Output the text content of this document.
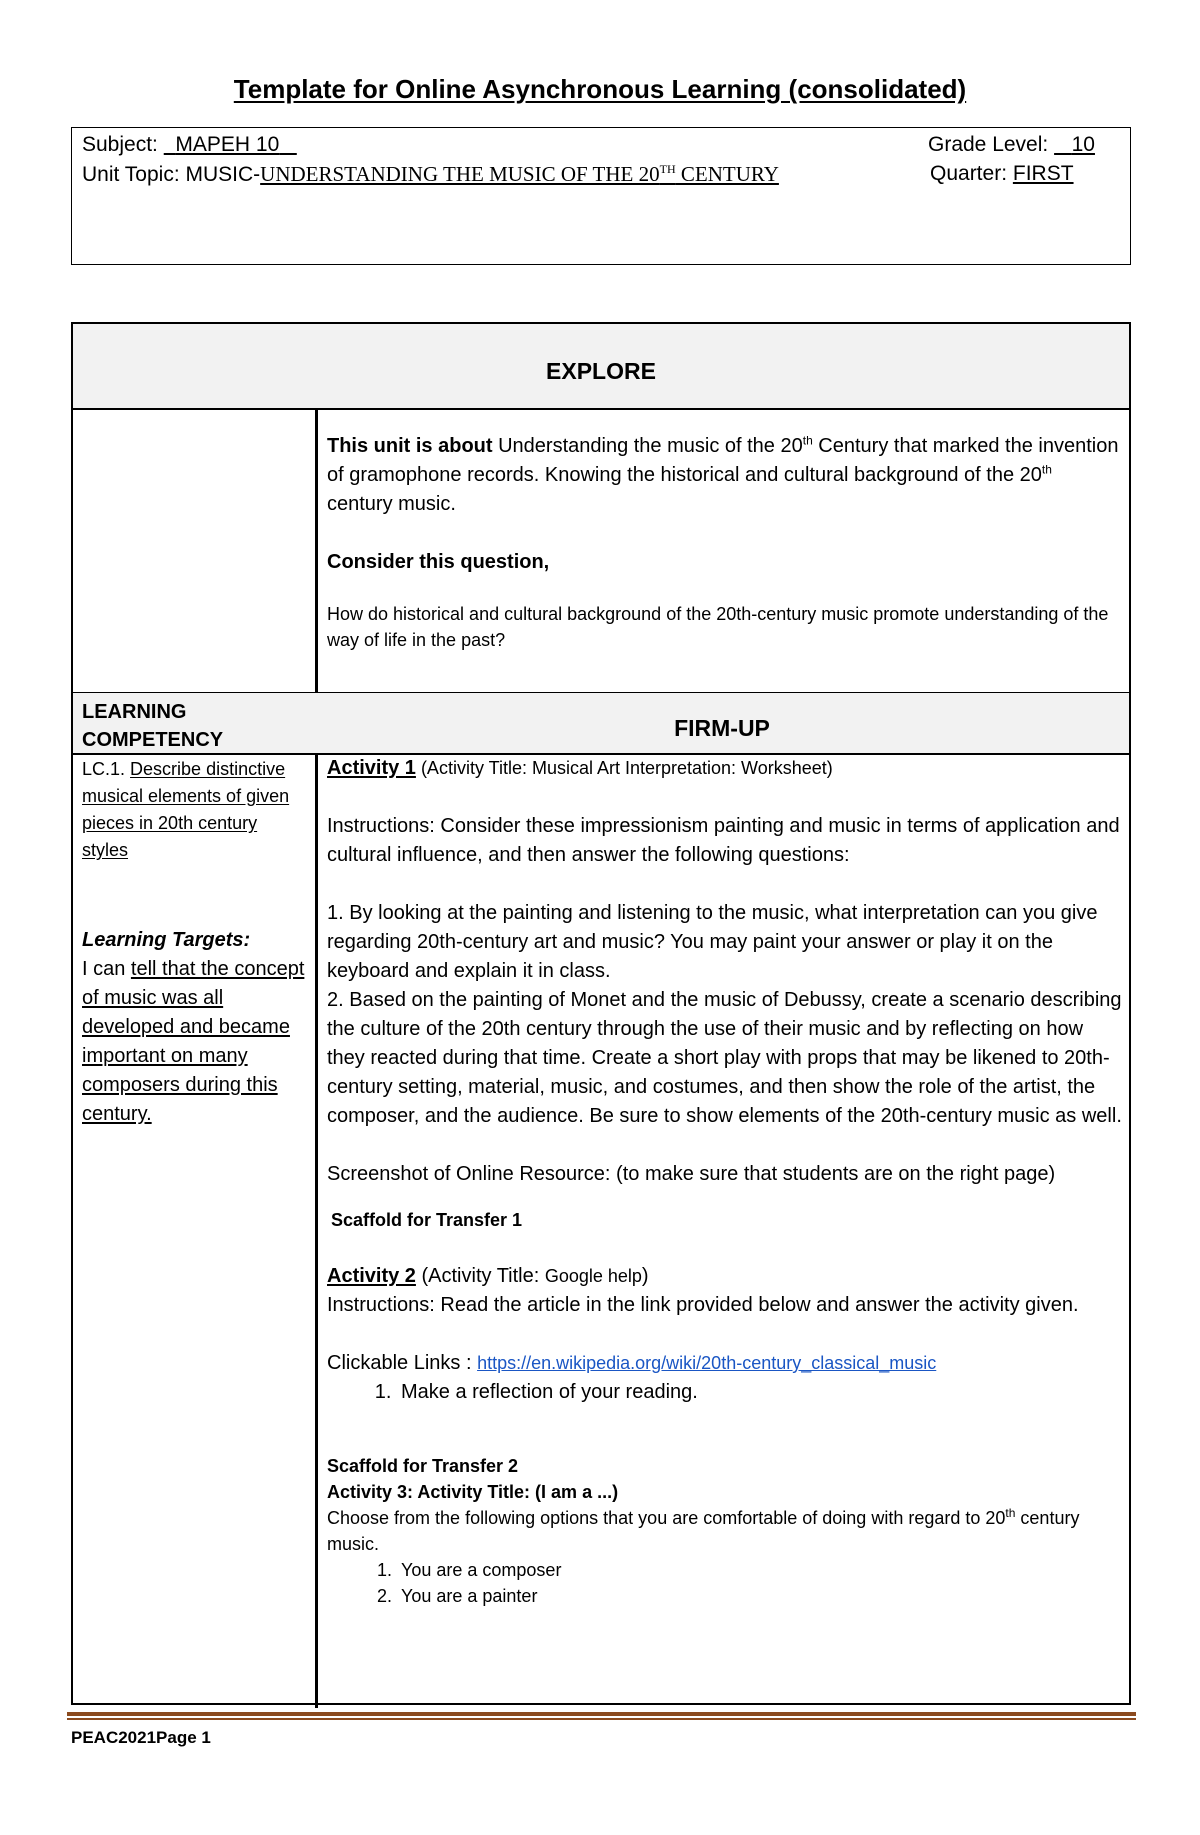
Template for Online Asynchronous Learning (consolidated)
Subject: MAPEH 10	Grade Level: 10
Unit Topic: MUSIC-UNDERSTANDING THE MUSIC OF THE 20TH CENTURY	Quarter: FIRST
EXPLORE

This unit is about Understanding the music of the 20th Century that marked the invention of gramophone records. Knowing the historical and cultural background of the 20th century music.

Consider this question,

How do historical and cultural background of the 20th-century music promote understanding of the way of life in the past?

LEARNING
COMPETENCY	FIRM-UP

LC.1. Describe distinctive musical elements of given pieces in 20th century styles

Learning Targets:
I can tell that the concept of music was all developed and became important on many composers during this century.

Activity 1 (Activity Title: Musical Art Interpretation: Worksheet)

Instructions: Consider these impressionism painting and music in terms of application and cultural influence, and then answer the following questions:

1. By looking at the painting and listening to the music, what interpretation can you give regarding 20th-century art and music? You may paint your answer or play it on the keyboard and explain it in class.

2. Based on the painting of Monet and the music of Debussy, create a scenario describing the culture of the 20th century through the use of their music and by reflecting on how they reacted during that time. Create a short play with props that may be likened to 20th-century setting, material, music, and costumes, and then show the role of the artist, the composer, and the audience. Be sure to show elements of the 20th-century music as well.

Screenshot of Online Resource: (to make sure that students are on the right page)

Scaffold for Transfer 1

Activity 2 (Activity Title: Google help)

Instructions: Read the article in the link provided below and answer the activity given.

Clickable Links : https://en.wikipedia.org/wiki/20th-century_classical_music

1. Make a reflection of your reading.

Scaffold for Transfer 2

Activity 3: Activity Title: (I am a ...)

Choose from the following options that you are comfortable of doing with regard to 20th century music.

1. You are a composer
2. You are a painter
PEAC2021Page 1
